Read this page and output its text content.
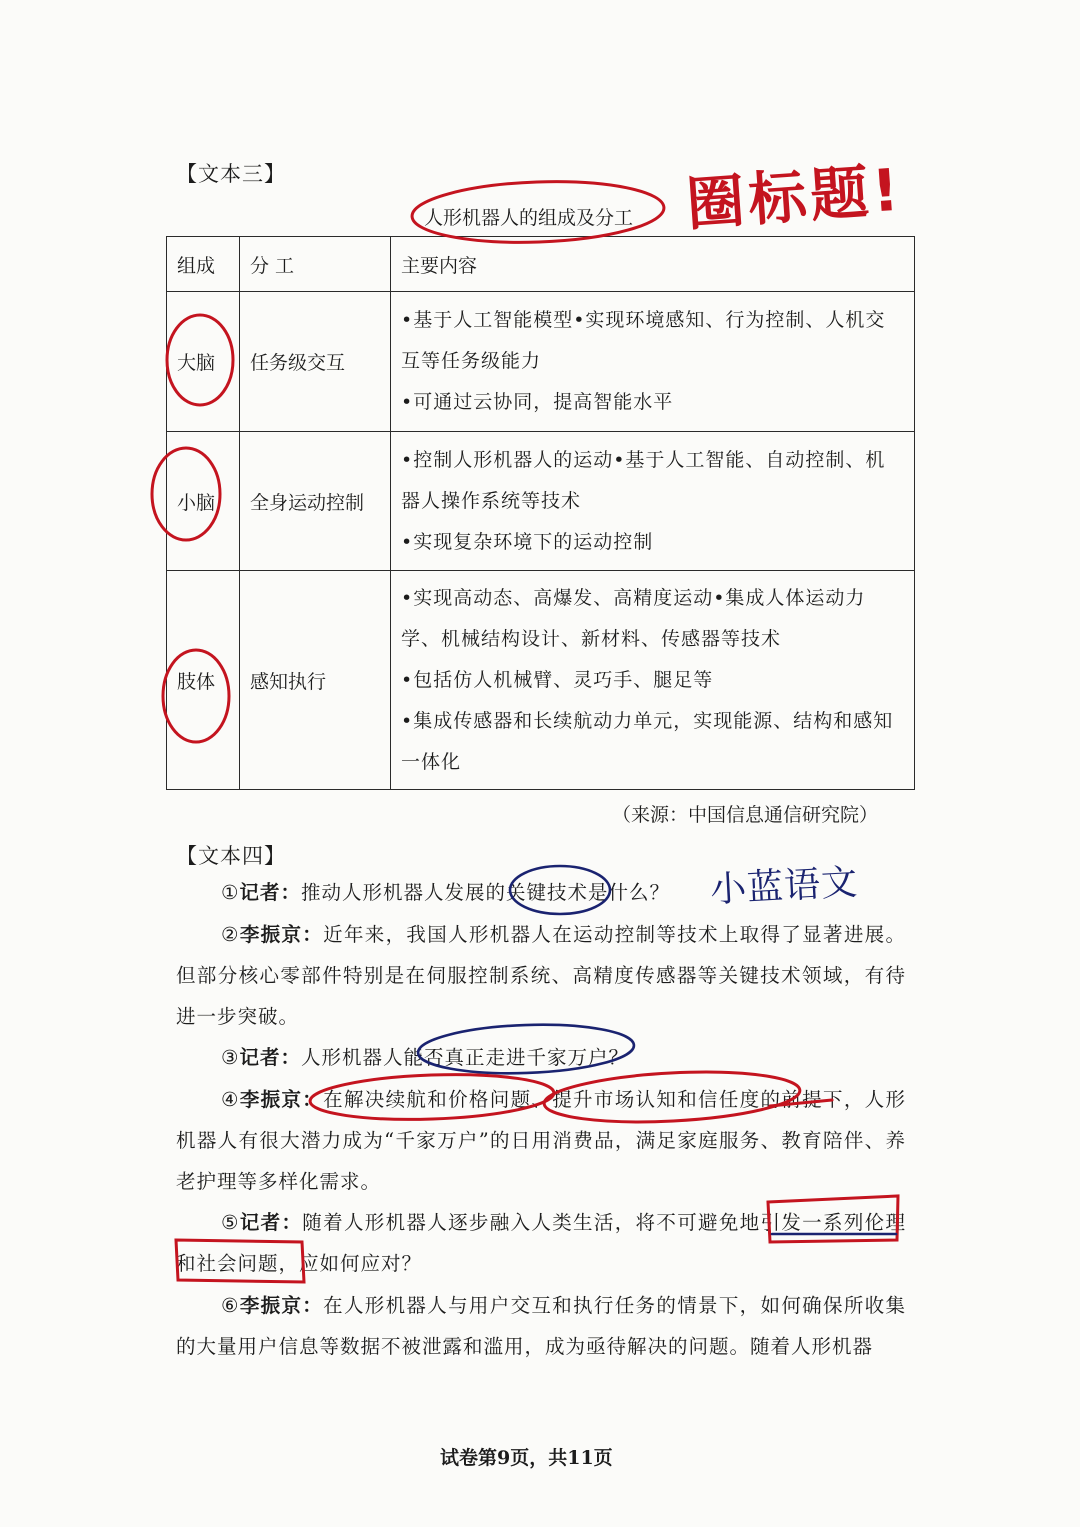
【文本三】
人形机器人的组成及分工 圈标题!
组成	分 工	主要内容
大脑	任务级交互	•基于人工智能模型•实现环境感知、行为控制、人机交互等任务级能力
•可通过云协同，提高智能水平

小脑	全身运动控制	•控制人形机器人的运动•基于人工智能、自动控制、机器人操作系统等技术
•实现复杂环境下的运动控制

肢体	感知执行	•实现高动态、高爆发、高精度运动•集成人体运动力学、机械结构设计、新材料、传感器等技术
•包括仿人机械臂、灵巧手、腿足等
•集成传感器和长续航动力单元，实现能源、结构和感知一体化
（来源：中国信息通信研究院）
【文本四】
小蓝语文
①记者：推动人形机器人发展的关键技术是什么？
②李振京：近年来，我国人形机器人在运动控制等技术上取得了显著进展。但部分核心零部件特别是在伺服控制系统、高精度传感器等关键技术领域，有待进一步突破。
③记者：人形机器人能否真正走进千家万户？
④李振京：在解决续航和价格问题、提升市场认知和信任度的前提下，人形机器人有很大潜力成为“千家万户”的日用消费品，满足家庭服务、教育陪伴、养老护理等多样化需求。
⑤记者：随着人形机器人逐步融入人类生活，将不可避免地引发一系列伦理和社会问题，应如何应对？
⑥李振京：在人形机器人与用户交互和执行任务的情景下，如何确保所收集的大量用户信息等数据不被泄露和滥用，成为亟待解决的问题。随着人形机器
试卷第9页，共11页
